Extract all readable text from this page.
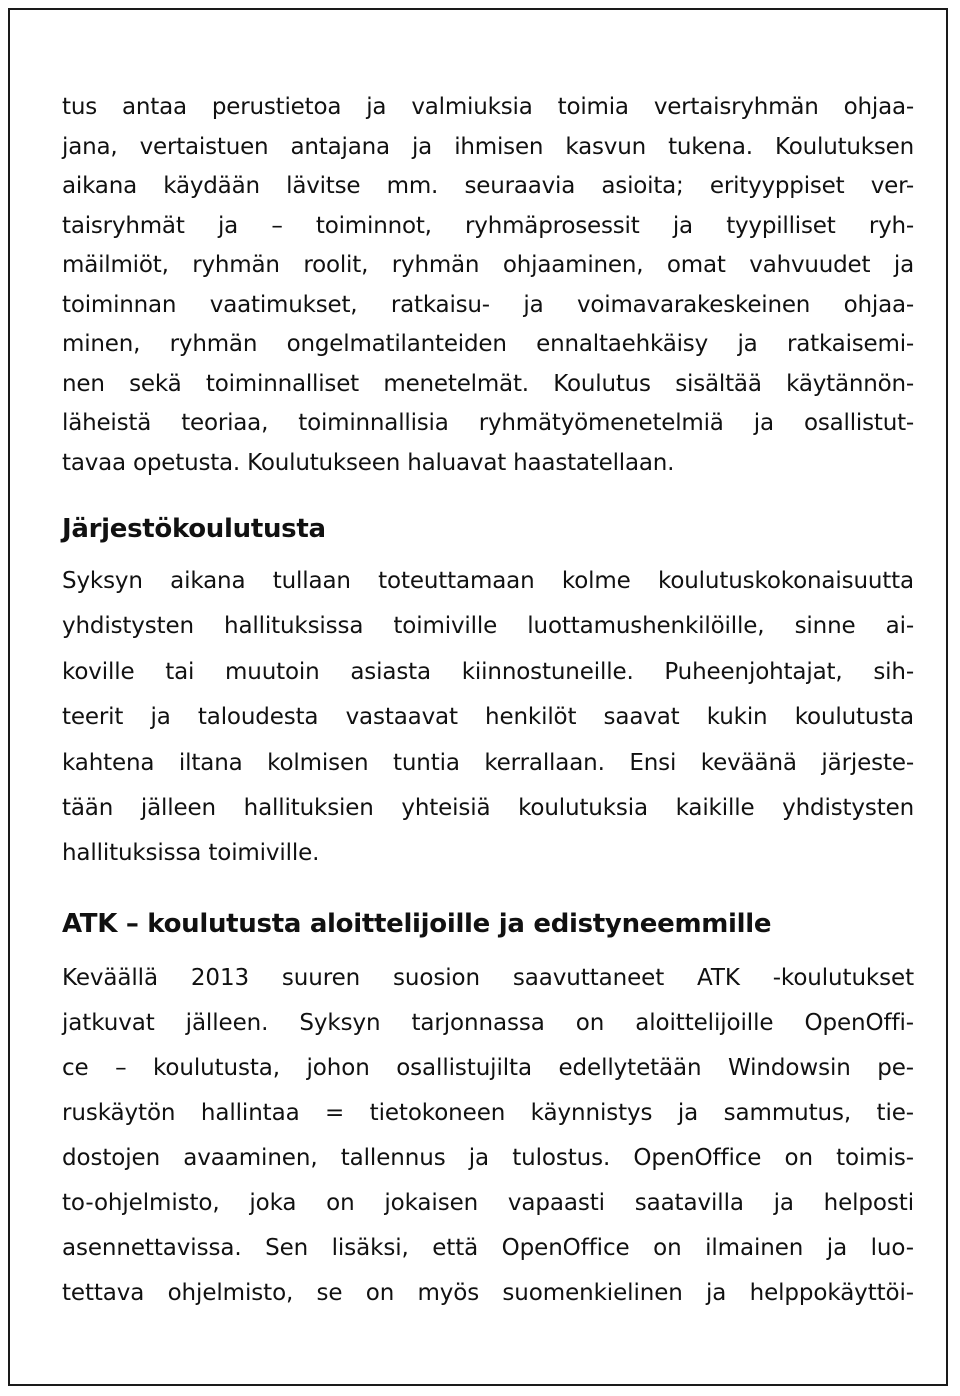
tus antaa perustietoa ja valmiuksia toimia vertaisryhmän ohjaa-
jana, vertaistuen antajana ja ihmisen kasvun tukena. Koulutuksen
aikana käydään lävitse mm. seuraavia asioita; erityyppiset ver-
taisryhmät ja – toiminnot, ryhmäprosessit ja tyypilliset ryh-
mäilmiöt, ryhmän roolit, ryhmän ohjaaminen, omat vahvuudet ja
toiminnan vaatimukset, ratkaisu- ja voimavarakeskeinen ohjaa-
minen, ryhmän ongelmatilanteiden ennaltaehkäisy ja ratkaisemi-
nen sekä toiminnalliset menetelmät. Koulutus sisältää käytännön-
läheistä teoriaa, toiminnallisia ryhmätyömenetelmiä ja osallistut-
tavaa opetusta. Koulutukseen haluavat haastatellaan.
Järjestökoulutusta
Syksyn aikana tullaan toteuttamaan kolme koulutuskokonaisuutta
yhdistysten hallituksissa toimiville luottamushenkilöille, sinne ai-
koville tai muutoin asiasta kiinnostuneille. Puheenjohtajat, sih-
teerit ja taloudesta vastaavat henkilöt saavat kukin koulutusta
kahtena iltana kolmisen tuntia kerrallaan. Ensi keväänä järjeste-
tään jälleen hallituksien yhteisiä koulutuksia kaikille yhdistysten
hallituksissa toimiville.
ATK – koulutusta aloittelijoille ja edistyneemmille
Keväällä 2013 suuren suosion saavuttaneet ATK -koulutukset
jatkuvat jälleen. Syksyn tarjonnassa on aloittelijoille OpenOffi-
ce – koulutusta, johon osallistujilta edellytetään Windowsin pe-
ruskäytön hallintaa = tietokoneen käynnistys ja sammutus, tie-
dostojen avaaminen, tallennus ja tulostus. OpenOffice on toimis-
to-ohjelmisto, joka on jokaisen vapaasti saatavilla ja helposti
asennettavissa. Sen lisäksi, että OpenOffice on ilmainen ja luo-
tettava ohjelmisto, se on myös suomenkielinen ja helppokäyttöi-
